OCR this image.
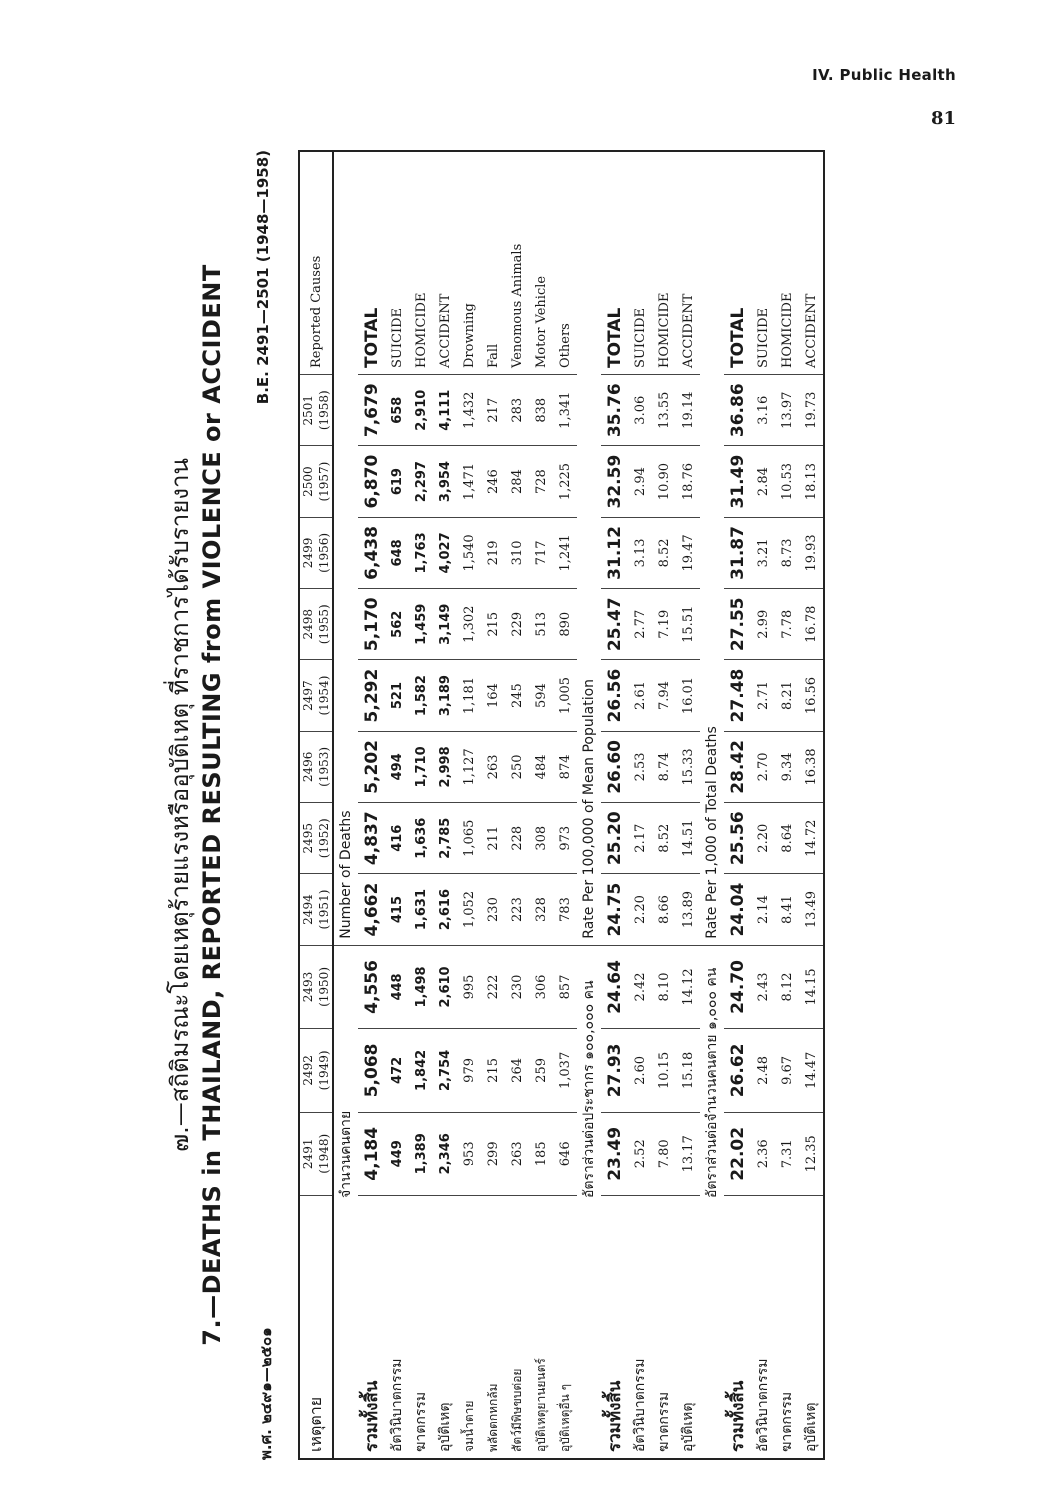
IV. Public Health
81
๗.—สถิติมรณะโดยเหตุร้ายแรงหรืออุบัติเหตุ ที่ราชการได้รับรายงาน 7.—DEATHS in THAILAND, REPORTED RESULTING from VIOLENCE or ACCIDENT
พ.ศ. ๒๔๙๑—๒๕๐๑
B.E. 2491—2501 (1948—1958)
เหตุตาย	2491 (1948)	2492 (1949)	2493 (1950)	2494 (1951)	2495 (1952)	2496 (1953)	2497 (1954)	2498 (1955)	2499 (1956)	2500 (1957)	2501 (1958)	Reported Causes
จำนวนคนตาย				Number of Deaths								
รวมทั้งสิ้น	4,184	5,068	4,556	4,662	4,837	5,202	5,292	5,170	6,438	6,870	7,679	TOTAL
อัตวินิบาตกรรม	449	472	448	415	416	494	521	562	648	619	658	SUICIDE
ฆาตกรรม	1,389	1,842	1,498	1,631	1,636	1,710	1,582	1,459	1,763	2,297	2,910	HOMICIDE
อุบัติเหตุ	2,346	2,754	2,610	2,616	2,785	2,998	3,189	3,149	4,027	3,954	4,111	ACCIDENT
จมน้ำตาย	953	979	995	1,052	1,065	1,127	1,181	1,302	1,540	1,471	1,432	Drowning
พลัดตกหกล้ม	299	215	222	230	211	263	164	215	219	246	217	Fall
สัตว์มีพิษขบต่อย	263	264	230	223	228	250	245	229	310	284	283	Venomous Animals
อุบัติเหตุยานยนตร์	185	259	306	328	308	484	594	513	717	728	838	Motor Vehicle
อุบัติเหตุอื่น ๆ	646	1,037	857	783	973	874	1,005	890	1,241	1,225	1,341	Others
อัตราส่วนต่อประชากร ๑๐๐,๐๐๐ คน				Rate Per 100,000 of Mean Population								
รวมทั้งสิ้น	23.49	27.93	24.64	24.75	25.20	26.60	26.56	25.47	31.12	32.59	35.76	TOTAL
อัตวินิบาตกรรม	2.52	2.60	2.42	2.20	2.17	2.53	2.61	2.77	3.13	2.94	3.06	SUICIDE
ฆาตกรรม	7.80	10.15	8.10	8.66	8.52	8.74	7.94	7.19	8.52	10.90	13.55	HOMICIDE
อุบัติเหตุ	13.17	15.18	14.12	13.89	14.51	15.33	16.01	15.51	19.47	18.76	19.14	ACCIDENT
อัตราส่วนต่อจำนวนคนตาย ๑,๐๐๐ คน				Rate Per 1,000 of Total Deaths								
รวมทั้งสิ้น	22.02	26.62	24.70	24.04	25.56	28.42	27.48	27.55	31.87	31.49	36.86	TOTAL
อัตวินิบาตกรรม	2.36	2.48	2.43	2.14	2.20	2.70	2.71	2.99	3.21	2.84	3.16	SUICIDE
ฆาตกรรม	7.31	9.67	8.12	8.41	8.64	9.34	8.21	7.78	8.73	10.53	13.97	HOMICIDE
อุบัติเหตุ	12.35	14.47	14.15	13.49	14.72	16.38	16.56	16.78	19.93	18.13	19.73	ACCIDENT
